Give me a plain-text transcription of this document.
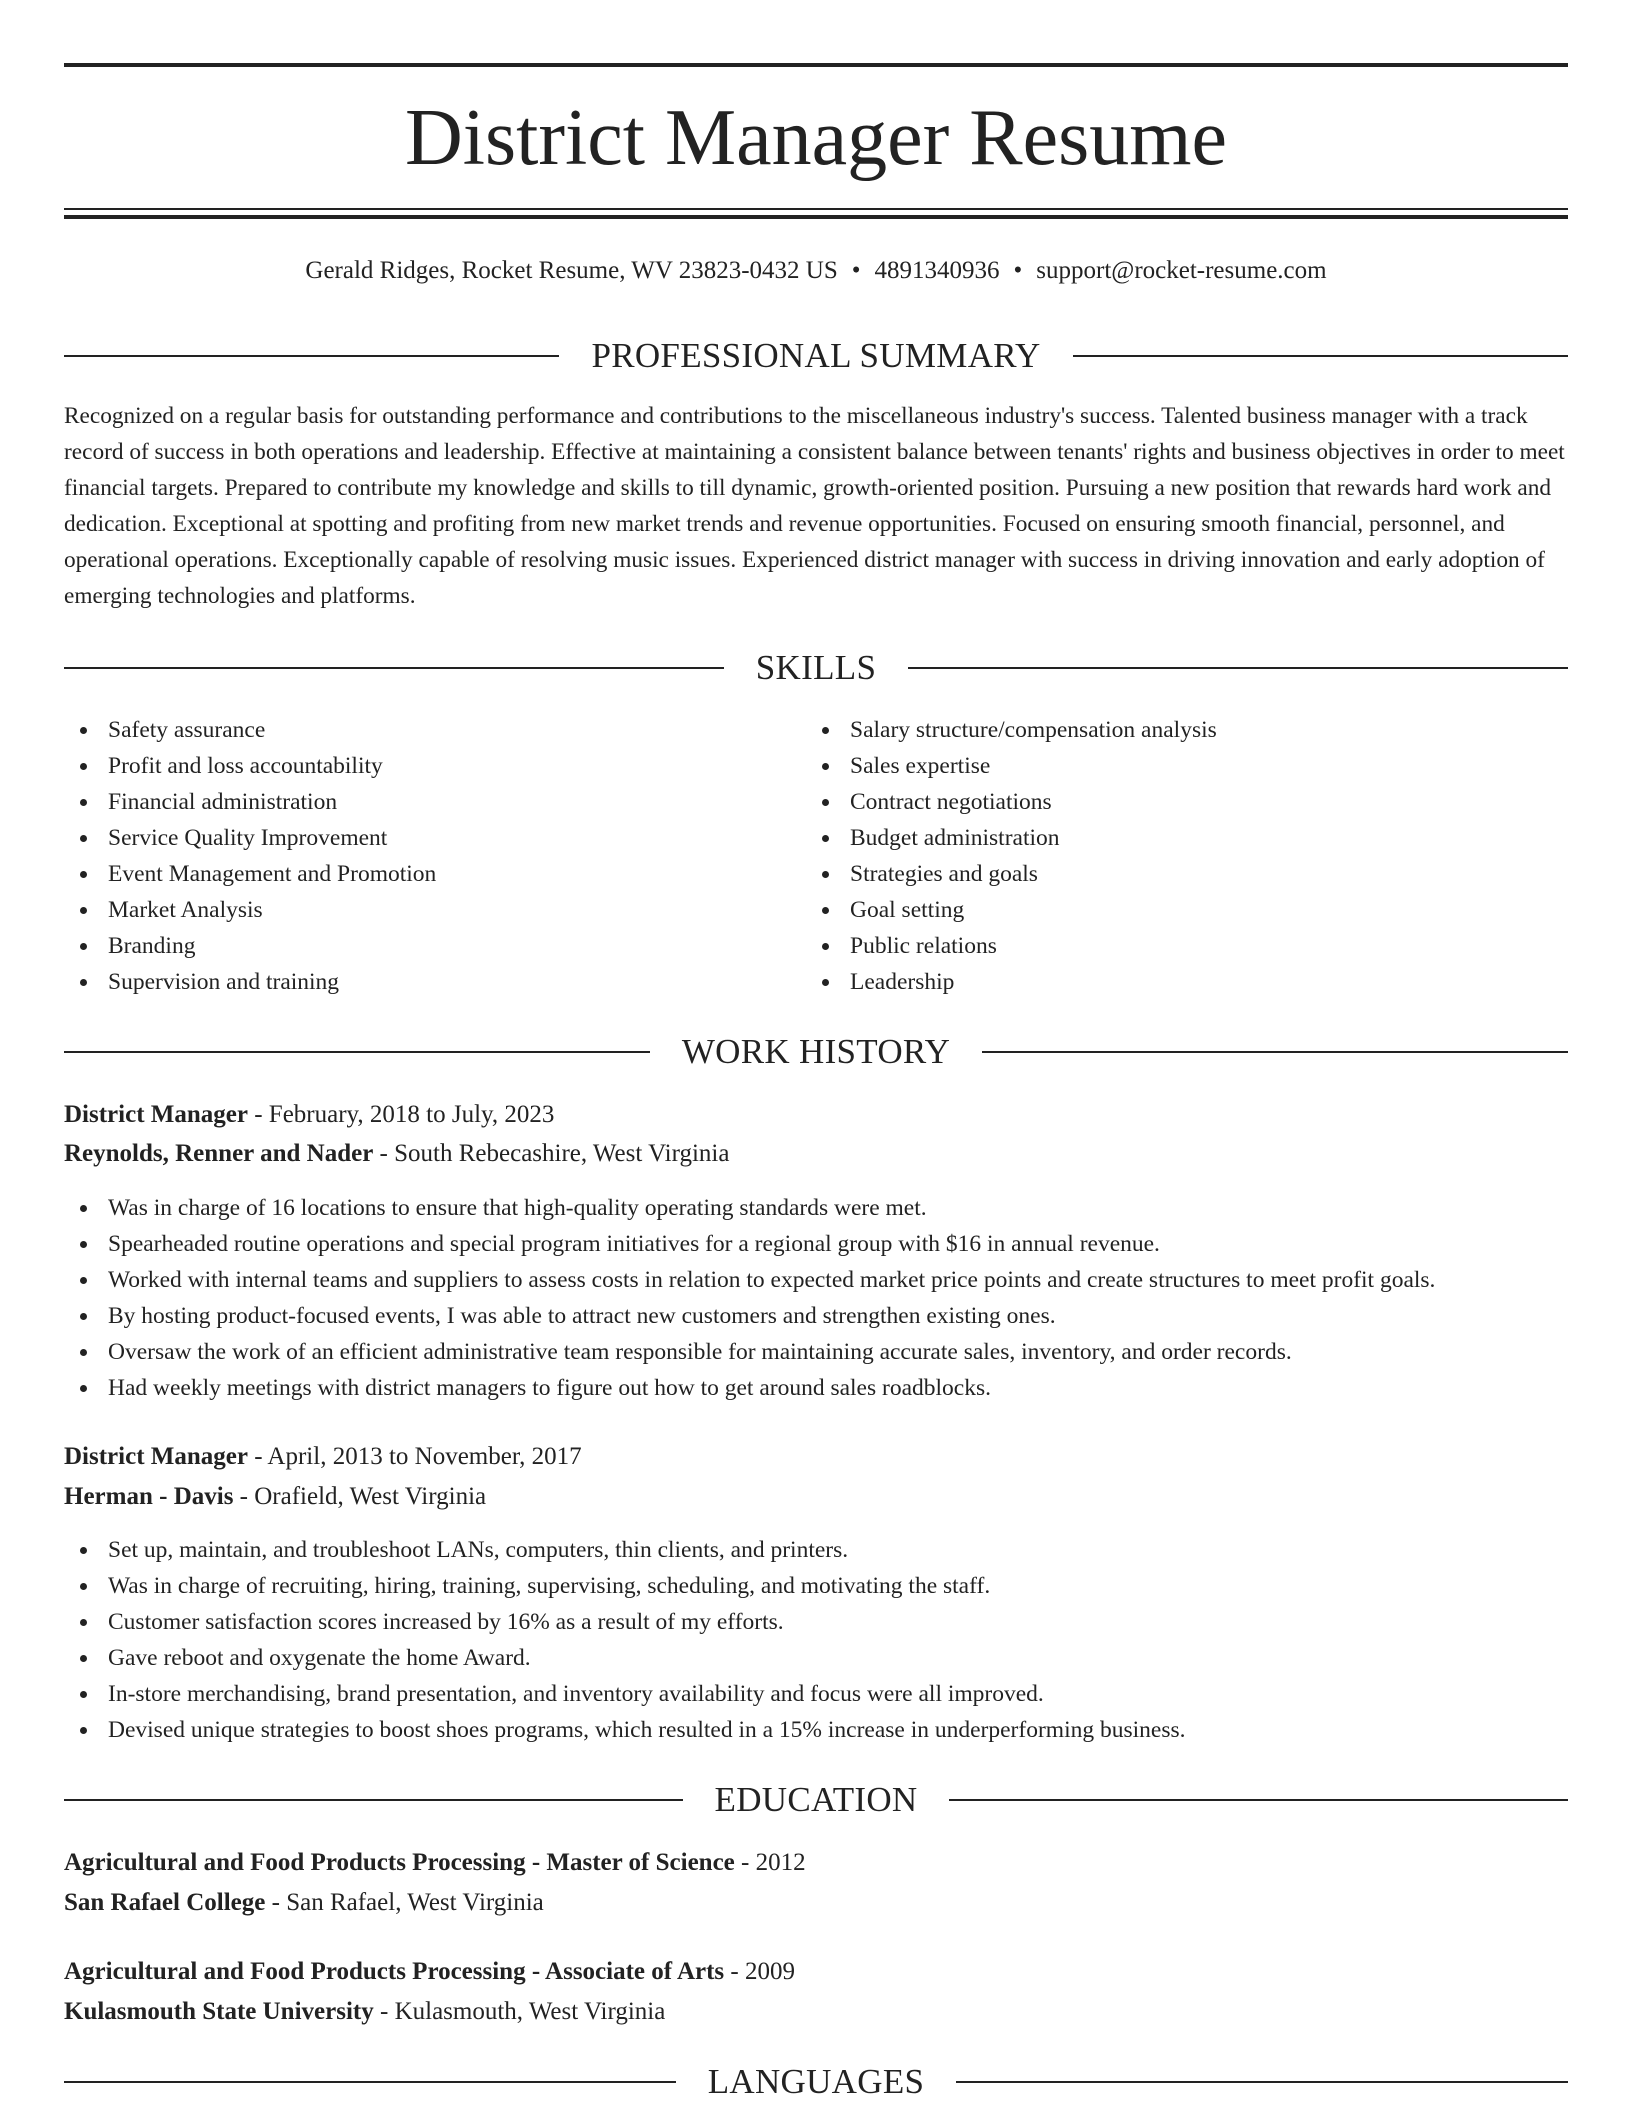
District Manager Resume
Gerald Ridges, Rocket Resume, WV 23823-0432 US • 4891340936 • support@rocket-resume.com
PROFESSIONAL SUMMARY

Recognized on a regular basis for outstanding performance and contributions to the miscellaneous industry's success. Talented business manager with a track record of success in both operations and leadership. Effective at maintaining a consistent balance between tenants' rights and business objectives in order to meet financial targets. Prepared to contribute my knowledge and skills to till dynamic, growth-oriented position. Pursuing a new position that rewards hard work and dedication. Exceptional at spotting and profiting from new market trends and revenue opportunities. Focused on ensuring smooth financial, personnel, and operational operations. Exceptionally capable of resolving music issues. Experienced district manager with success in driving innovation and early adoption of emerging technologies and platforms.

SKILLS
Safety assurance
Profit and loss accountability
Financial administration
Service Quality Improvement
Event Management and Promotion
Market Analysis
Branding
Supervision and training
Salary structure/compensation analysis
Sales expertise
Contract negotiations
Budget administration
Strategies and goals
Goal setting
Public relations
Leadership
WORK HISTORY
District Manager - February, 2018 to July, 2023
Reynolds, Renner and Nader - South Rebecashire, West Virginia
Was in charge of 16 locations to ensure that high-quality operating standards were met.
Spearheaded routine operations and special program initiatives for a regional group with $16 in annual revenue.
Worked with internal teams and suppliers to assess costs in relation to expected market price points and create structures to meet profit goals.
By hosting product-focused events, I was able to attract new customers and strengthen existing ones.
Oversaw the work of an efficient administrative team responsible for maintaining accurate sales, inventory, and order records.
Had weekly meetings with district managers to figure out how to get around sales roadblocks.
District Manager - April, 2013 to November, 2017
Herman - Davis - Orafield, West Virginia
Set up, maintain, and troubleshoot LANs, computers, thin clients, and printers.
Was in charge of recruiting, hiring, training, supervising, scheduling, and motivating the staff.
Customer satisfaction scores increased by 16% as a result of my efforts.
Gave reboot and oxygenate the home Award.
In-store merchandising, brand presentation, and inventory availability and focus were all improved.
Devised unique strategies to boost shoes programs, which resulted in a 15% increase in underperforming business.
EDUCATION
Agricultural and Food Products Processing - Master of Science - 2012
San Rafael College - San Rafael, West Virginia
Agricultural and Food Products Processing - Associate of Arts - 2009
Kulasmouth State University - Kulasmouth, West Virginia
LANGUAGES
